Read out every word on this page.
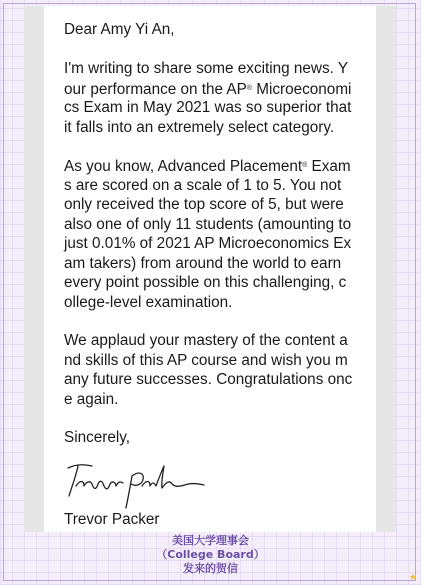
Dear Amy Yi An,
I'm writing to share some exciting news. Y
our performance on the AP® Microeconomi
cs Exam in May 2021 was so superior that
it falls into an extremely select category.
As you know, Advanced Placement® Exam
s are scored on a scale of 1 to 5. You not
only received the top score of 5, but were
also one of only 11 students (amounting to
just 0.01% of 2021 AP Microeconomics Ex
am takers) from around the world to earn
every point possible on this challenging, c
ollege-level examination.
We applaud your mastery of the content a
nd skills of this AP course and wish you m
any future successes. Congratulations onc
e again.
Sincerely,
Trevor Packer
美国大学理事会
（College Board）
发来的贺信
★
